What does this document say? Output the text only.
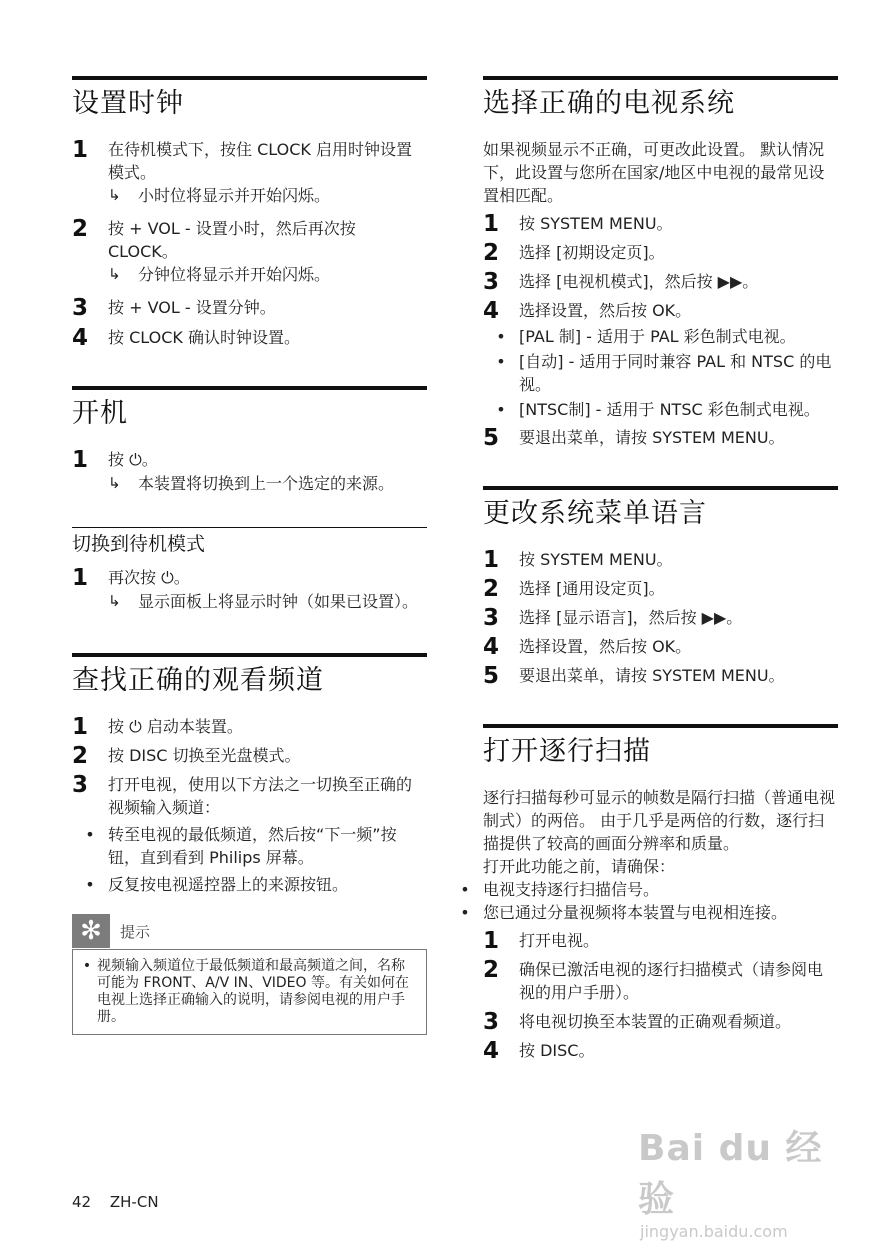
设置时钟
1	在待机模式下，按住 CLOCK 启用时钟设置模式。
↳	小时位将显示并开始闪烁。
2	按 + VOL - 设置小时，然后再次按 CLOCK。
↳	分钟位将显示并开始闪烁。
3	按 + VOL - 设置分钟。
4	按 CLOCK 确认时钟设置。
开机
1	按 ⏻。
↳	本装置将切换到上一个选定的来源。
切换到待机模式
1	再次按 ⏻。
↳	显示面板上将显示时钟（如果已设置）。
查找正确的观看频道
1	按 ⏻ 启动本装置。
2	按 DISC 切换至光盘模式。
3	打开电视，使用以下方法之一切换至正确的视频输入频道：
• 转至电视的最低频道，然后按“下一频”按钮，直到看到 Philips 屏幕。
• 反复按电视遥控器上的来源按钮。
✻	提示
• 视频输入频道位于最低频道和最高频道之间，名称可能为 FRONT、A/V IN、VIDEO 等。有关如何在电视上选择正确输入的说明，请参阅电视的用户手册。
选择正确的电视系统
如果视频显示不正确，可更改此设置。 默认情况下，此设置与您所在国家/地区中电视的最常见设置相匹配。
1	按 SYSTEM MENU。
2	选择 [初期设定页]。
3	选择 [电视机模式]，然后按 ▶▶。
4	选择设置，然后按 OK。
• [PAL 制] - 适用于 PAL 彩色制式电视。
• [自动] - 适用于同时兼容 PAL 和 NTSC 的电视。
• [NTSC制] - 适用于 NTSC 彩色制式电视。
5	要退出菜单，请按 SYSTEM MENU。
更改系统菜单语言
1	按 SYSTEM MENU。
2	选择 [通用设定页]。
3	选择 [显示语言]，然后按 ▶▶。
4	选择设置，然后按 OK。
5	要退出菜单，请按 SYSTEM MENU。
打开逐行扫描
逐行扫描每秒可显示的帧数是隔行扫描（普通电视制式）的两倍。 由于几乎是两倍的行数，逐行扫描提供了较高的画面分辨率和质量。
打开此功能之前，请确保：
• 电视支持逐行扫描信号。
• 您已通过分量视频将本装置与电视相连接。
1	打开电视。
2	确保已激活电视的逐行扫描模式（请参阅电视的用户手册）。
3	将电视切换至本装置的正确观看频道。
4	按 DISC。
Bai du 经验
jingyan.baidu.com
42 ZH-CN
